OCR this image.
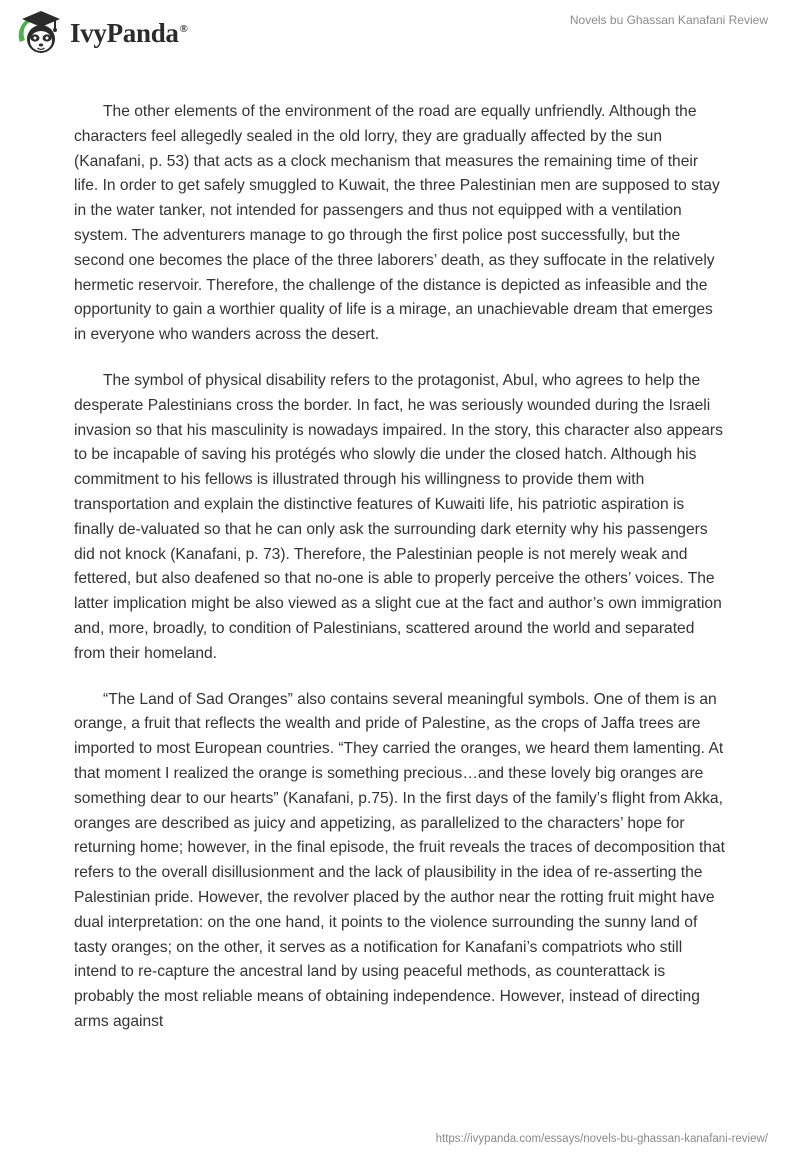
IvyPanda®
Novels bu Ghassan Kanafani Review

The other elements of the environment of the road are equally unfriendly. Although the characters feel allegedly sealed in the old lorry, they are gradually affected by the sun (Kanafani, p. 53) that acts as a clock mechanism that measures the remaining time of their life. In order to get safely smuggled to Kuwait, the three Palestinian men are supposed to stay in the water tanker, not intended for passengers and thus not equipped with a ventilation system. The adventurers manage to go through the first police post successfully, but the second one becomes the place of the three laborers’ death, as they suffocate in the relatively hermetic reservoir. Therefore, the challenge of the distance is depicted as infeasible and the opportunity to gain a worthier quality of life is a mirage, an unachievable dream that emerges in everyone who wanders across the desert.

The symbol of physical disability refers to the protagonist, Abul, who agrees to help the desperate Palestinians cross the border. In fact, he was seriously wounded during the Israeli invasion so that his masculinity is nowadays impaired. In the story, this character also appears to be incapable of saving his protégés who slowly die under the closed hatch. Although his commitment to his fellows is illustrated through his willingness to provide them with transportation and explain the distinctive features of Kuwaiti life, his patriotic aspiration is finally de-valuated so that he can only ask the surrounding dark eternity why his passengers did not knock (Kanafani, p. 73). Therefore, the Palestinian people is not merely weak and fettered, but also deafened so that no-one is able to properly perceive the others’ voices. The latter implication might be also viewed as a slight cue at the fact and author’s own immigration and, more, broadly, to condition of Palestinians, scattered around the world and separated from their homeland.

“The Land of Sad Oranges” also contains several meaningful symbols. One of them is an orange, a fruit that reflects the wealth and pride of Palestine, as the crops of Jaffa trees are imported to most European countries. “They carried the oranges, we heard them lamenting. At that moment I realized the orange is something precious…and these lovely big oranges are something dear to our hearts” (Kanafani, p.75). In the first days of the family’s flight from Akka, oranges are described as juicy and appetizing, as parallelized to the characters’ hope for returning home; however, in the final episode, the fruit reveals the traces of decomposition that refers to the overall disillusionment and the lack of plausibility in the idea of re-asserting the Palestinian pride. However, the revolver placed by the author near the rotting fruit might have dual interpretation: on the one hand, it points to the violence surrounding the sunny land of tasty oranges; on the other, it serves as a notification for Kanafani’s compatriots who still intend to re-capture the ancestral land by using peaceful methods, as counterattack is probably the most reliable means of obtaining independence. However, instead of directing arms against

https://ivypanda.com/essays/novels-bu-ghassan-kanafani-review/
